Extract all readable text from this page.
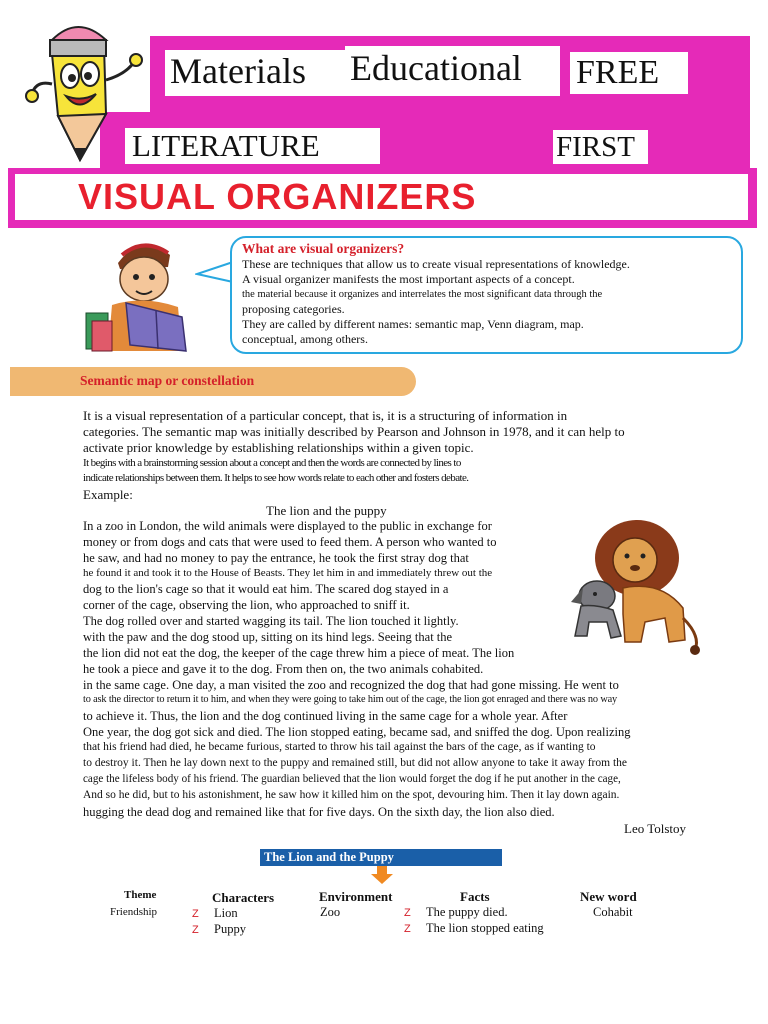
Materials Educational FREE
LITERATURE	FIRST
VISUAL ORGANIZERS
What are visual organizers?

These are techniques that allow us to create visual representations of knowledge.

A visual organizer manifests the most important aspects of a concept.

the material because it organizes and interrelates the most significant data through the

proposing categories.

They are called by different names: semantic map, Venn diagram, map.

conceptual, among others.

Semantic map or constellation
It is a visual representation of a particular concept, that is, it is a structuring of information in
categories. The semantic map was initially described by Pearson and Johnson in 1978, and it can help to
activate prior knowledge by establishing relationships within a given topic.
It begins with a brainstorming session about a concept and then the words are connected by lines to
indicate relationships between them. It helps to see how words relate to each other and fosters debate.
Example:
The lion and the puppy
In a zoo in London, the wild animals were displayed to the public in exchange for
money or from dogs and cats that were used to feed them. A person who wanted to
he saw, and had no money to pay the entrance, he took the first stray dog that
he found it and took it to the House of Beasts. They let him in and immediately threw out the
dog to the lion's cage so that it would eat him. The scared dog stayed in a
corner of the cage, observing the lion, who approached to sniff it.
The dog rolled over and started wagging its tail. The lion touched it lightly.
with the paw and the dog stood up, sitting on its hind legs. Seeing that the
the lion did not eat the dog, the keeper of the cage threw him a piece of meat. The lion
he took a piece and gave it to the dog. From then on, the two animals cohabited.
in the same cage. One day, a man visited the zoo and recognized the dog that had gone missing. He went to
to ask the director to return it to him, and when they were going to take him out of the cage, the lion got enraged and there was no way
to achieve it. Thus, the lion and the dog continued living in the same cage for a whole year. After
One year, the dog got sick and died. The lion stopped eating, became sad, and sniffed the dog. Upon realizing
that his friend had died, he became furious, started to throw his tail against the bars of the cage, as if wanting to
to destroy it. Then he lay down next to the puppy and remained still, but did not allow anyone to take it away from the
cage the lifeless body of his friend. The guardian believed that the lion would forget the dog if he put another in the cage,
And so he did, but to his astonishment, he saw how it killed him on the spot, devouring him. Then it lay down again.
hugging the dead dog and remained like that for five days. On the sixth day, the lion also died.
Leo Tolstoy
The Lion and the Puppy
Theme
Friendship
Characters
Z Lion
Z Puppy
Environment
Zoo
Facts
Z The puppy died.
Z The lion stopped eating
New word
Cohabit
